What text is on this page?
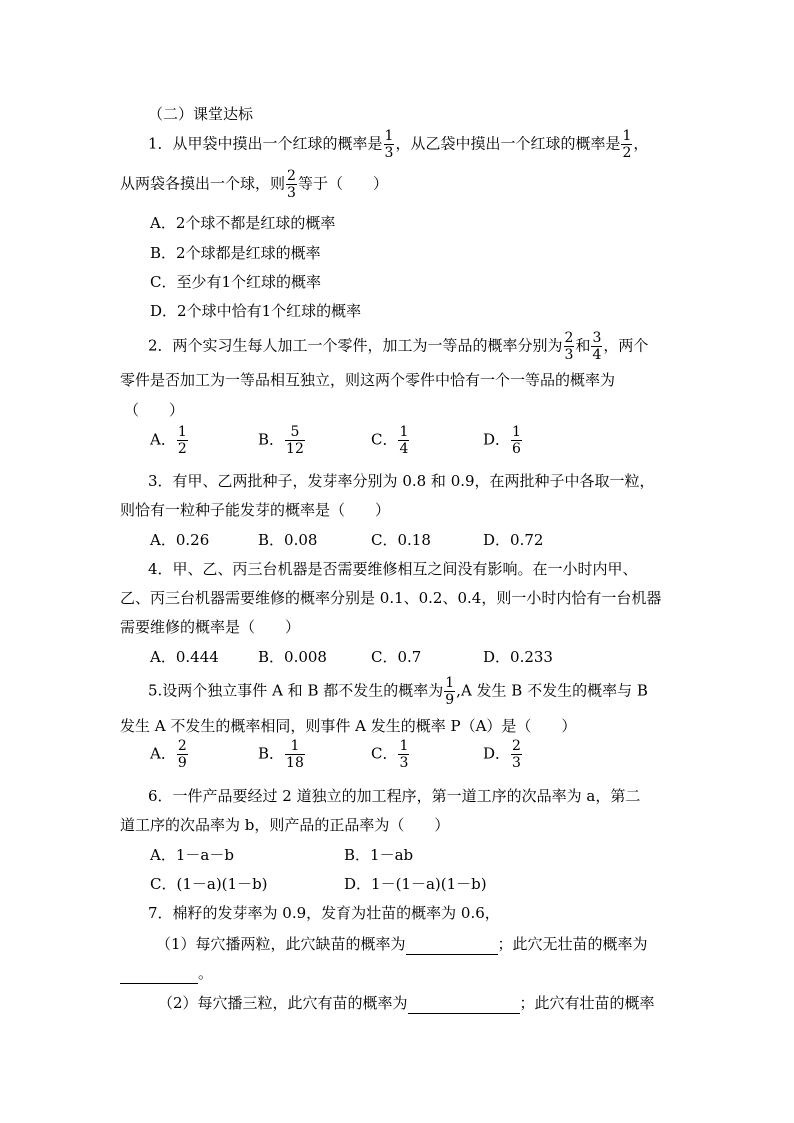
（二）课堂达标
1．从甲袋中摸出一个红球的概率是 $\frac{1}{3}$ ，从乙袋中摸出一个红球的概率是 $\frac{1}{2}$ ，
从两袋各摸出一个球，则 $\frac{2}{3}$ 等于（　　）
A．2个球不都是红球的概率
B．2个球都是红球的概率
C．至少有1个红球的概率
D．2个球中恰有1个红球的概率
2．两个实习生每人加工一个零件，加工为一等品的概率分别为 $\frac{2}{3}$ 和 $\frac{3}{4}$ ，两个
零件是否加工为一等品相互独立，则这两个零件中恰有一个一等品的概率为
（　　）
A． $\frac{1}{2}$	B． $\frac{5}{12}$	C． $\frac{1}{4}$	D． $\frac{1}{6}$
3．有甲、乙两批种子，发芽率分别为 0.8 和 0.9，在两批种子中各取一粒，
则恰有一粒种子能发芽的概率是（　　）
A．0.26	B．0.08	C．0.18	D．0.72
4．甲、乙、丙三台机器是否需要维修相互之间没有影响。在一小时内甲、
乙、丙三台机器需要维修的概率分别是 0.1、0.2、0.4，则一小时内恰有一台机器
需要维修的概率是（　　）
A．0.444	B．0.008	C．0.7	D．0.233
5.设两个独立事件 A 和 B 都不发生的概率为 $\frac{1}{9} ,A$ 发生 B 不发生的概率与 B
发生 A 不发生的概率相同，则事件 A 发生的概率 P（A）是（　　）
A． $\frac{2}{9}$	B． $\frac{1}{18}$	C． $\frac{1}{3}$	D． $\frac{2}{3}$
6．一件产品要经过 2 道独立的加工程序，第一道工序的次品率为 a，第二
道工序的次品率为 b，则产品的正品率为（　　）
A．1－a－b	B．1－ab
C．(1－a)(1－b)	D．1－(1－a)(1－b)
7．棉籽的发芽率为 0.9，发育为壮苗的概率为 0.6，
（1）每穴播两粒，此穴缺苗的概率为	；此穴无壮苗的概率为
。
（2）每穴播三粒，此穴有苗的概率为	；此穴有壮苗的概率
